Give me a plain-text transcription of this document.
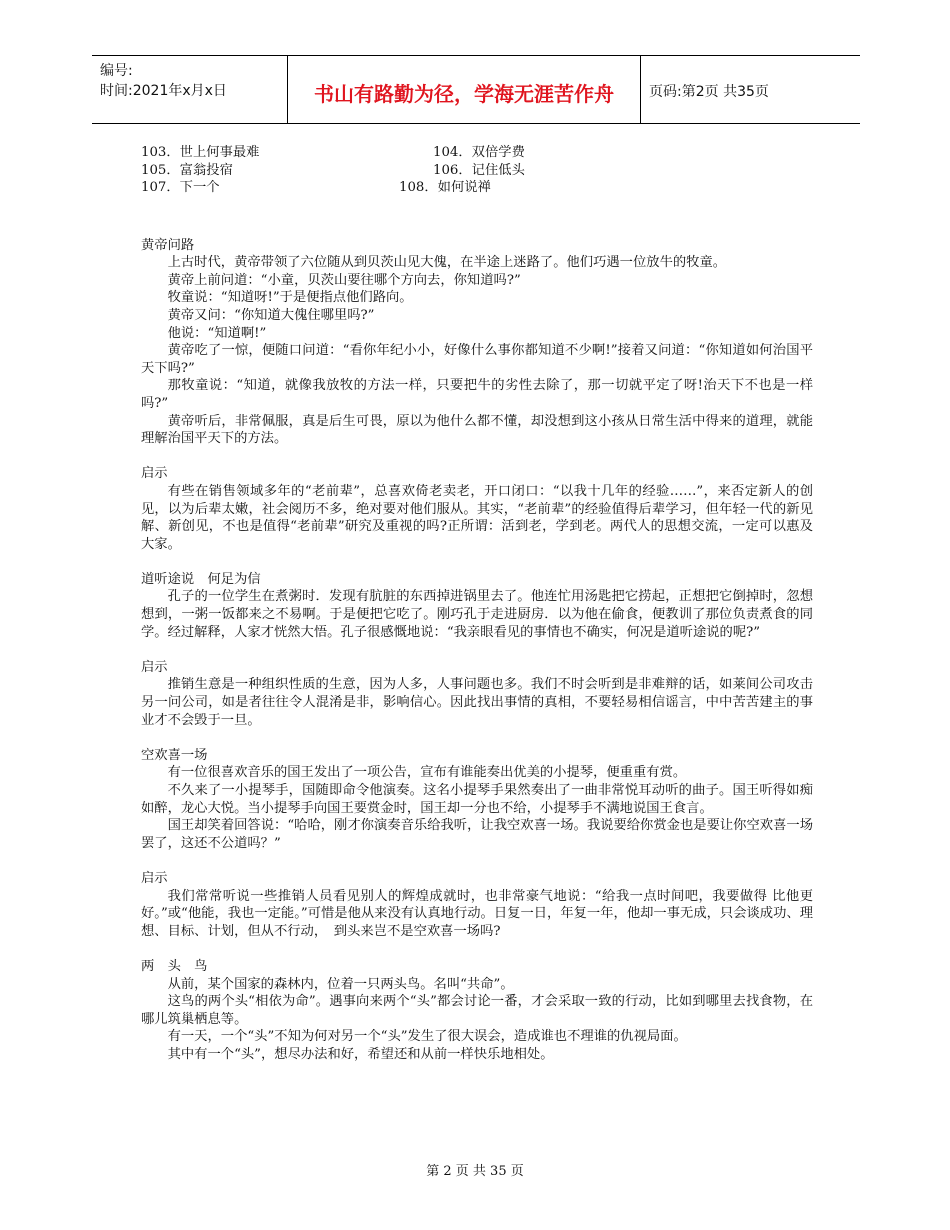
编号:
时间:2021年x月x日	书山有路勤为径，学海无涯苦作舟	页码:第2页 共35页
103．世上何事最难	104．双倍学费
105．富翁投宿	106．记住低头
107．下一个	108．如何说禅
黄帝问路

上古时代，黄帝带领了六位随从到贝茨山见大傀，在半途上迷路了。他们巧遇一位放牛的牧童。

黄帝上前问道：“小童，贝茨山要往哪个方向去，你知道吗?”

牧童说：“知道呀!”于是便指点他们路向。

黄帝又问：“你知道大傀住哪里吗?”

他说：“知道啊!”

黄帝吃了一惊，便随口问道：“看你年纪小小，好像什么事你都知道不少啊!”接着又问道：“你知道如何治国平天下吗?”

那牧童说：“知道，就像我放牧的方法一样，只要把牛的劣性去除了，那一切就平定了呀!治天下不也是一样吗?”

黄帝听后，非常佩服，真是后生可畏，原以为他什么都不懂，却没想到这小孩从日常生活中得来的道理，就能理解治国平天下的方法。

启示

有些在销售领域多年的“老前辈”，总喜欢倚老卖老，开口闭口：“以我十几年的经验……”，来否定新人的创见，以为后辈太嫩，社会阅历不多，绝对要对他们服从。其实，“老前辈”的经验值得后辈学习，但年轻一代的新见解、新创见，不也是值得“老前辈”研究及重视的吗?正所谓：活到老，学到老。两代人的思想交流，一定可以惠及大家。

道听途说　何足为信

孔子的一位学生在煮粥时．发现有肮脏的东西掉进锅里去了。他连忙用汤匙把它捞起，正想把它倒掉时，忽想想到，一粥一饭都来之不易啊。于是便把它吃了。刚巧孔于走进厨房．以为他在偷食，便教训了那位负责煮食的同学。经过解释，人家才恍然大悟。孔子很感慨地说：“我亲眼看见的事情也不确实，何况是道听途说的呢?”

启示

推销生意是一种组织性质的生意，因为人多，人事问题也多。我们不时会听到是非难辩的话，如莱间公司攻击另一问公司，如是者往往令人混淆是非，影响信心。因此找出事情的真相，不要轻易相信谣言，中中苦苦建主的事业才不会毁于一旦。

空欢喜一场

有一位很喜欢音乐的国王发出了一项公告，宣布有谁能奏出优美的小提琴，便重重有赏。

不久来了一小提琴手，国随即命令他演奏。这名小提琴手果然奏出了一曲非常悦耳动听的曲子。国王听得如痴如醉，龙心大悦。当小提琴手向国王要赏金时，国王却一分也不给，小提琴手不满地说国王食言。

国王却笑着回答说：“哈哈，刚才你演奏音乐给我听，让我空欢喜一场。我说要给你赏金也是要让你空欢喜一场罢了，这还不公道吗？”

启示

我们常常听说一些推销人员看见别人的辉煌成就时，也非常豪气地说：“给我一点时间吧，我要做得 比他更好。”或“他能，我也一定能。”可惜是他从来没有认真地行动。日复一日，年复一年，他却一事无成，只会谈成功、理想、目标、计划，但从不行动，　到头来岂不是空欢喜一场吗?

两　头　鸟

从前，某个国家的森林内，位着一只两头鸟。名叫“共命”。

这鸟的两个头“相依为命”。遇事向来两个“头”都会讨论一番，才会采取一致的行动，比如到哪里去找食物，在哪儿筑巢栖息等。

有一天，一个“头”不知为何对另一个“头”发生了很大误会，造成谁也不理谁的仇视局面。

其中有一个“头”，想尽办法和好，希望还和从前一样快乐地相处。

第 2 页 共 35 页
